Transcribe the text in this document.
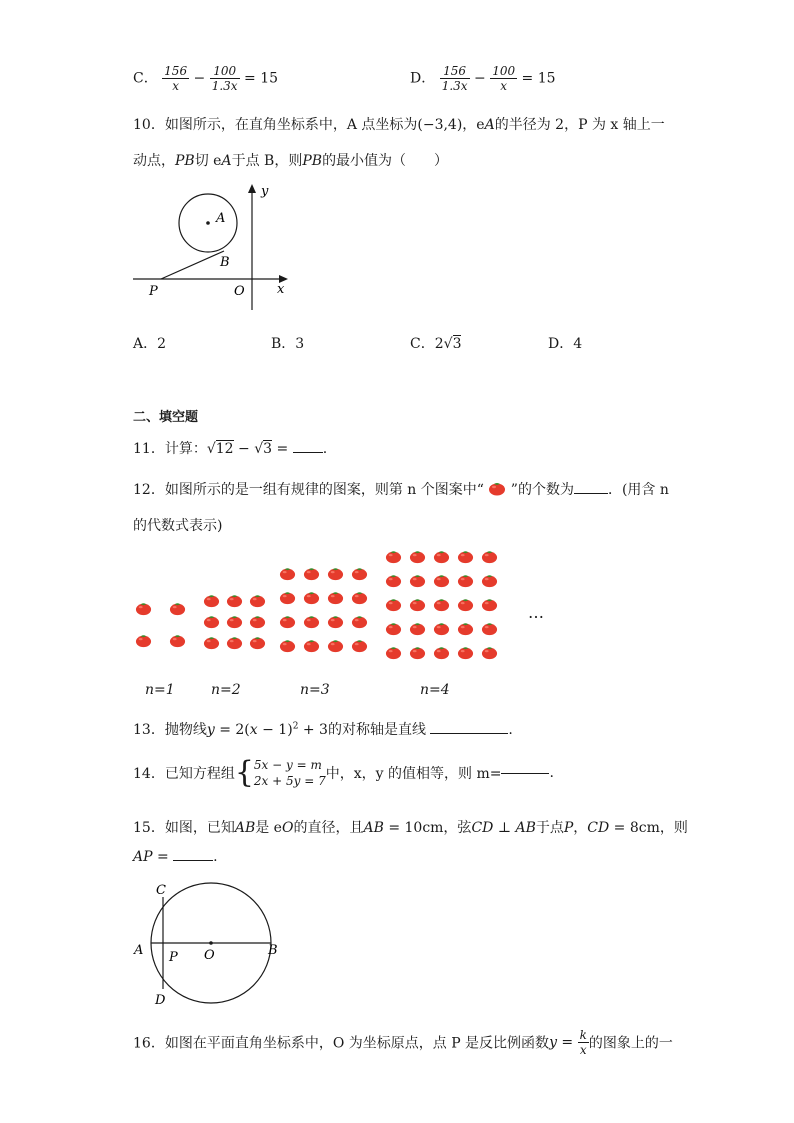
C． $\frac{156}{x} - \frac{100}{1.3x} = 15$	D． $\frac{156}{1.3x} - \frac{100}{x} = 15$
10．如图所示，在直角坐标系中，A 点坐标为(−3,4)，eA的半径为 2，P 为 x 轴上一
动点，PB切 eA于点 B，则PB的最小值为（　　）
y
A
B
P	O x
A．2	B．3	C．2√3	D．4
二、填空题
11．计算：√12 − √3 = .
12．如图所示的是一组有规律的图案，则第 n 个图案中“ ”的个数为 ．(用含 n
的代数式表示)
n=1	n=2	n=3	n=4
…
13．抛物线$y = 2(x - 1)^2 + 3$的对称轴是直线	.
14．已知方程组{ 5x − y = m
2x + 5y = 7 中，x，y 的值相等，则 m=	.
15．如图，已知AB是 eO的直径，且AB = 10cm，弦CD ⊥ AB于点P，CD = 8cm，则
AP =	.
C
A P O	B
D
16．如图在平面直角坐标系中，O 为坐标原点，点 P 是反比例函数$y = \frac{k}{x}$ 的图象上的一
